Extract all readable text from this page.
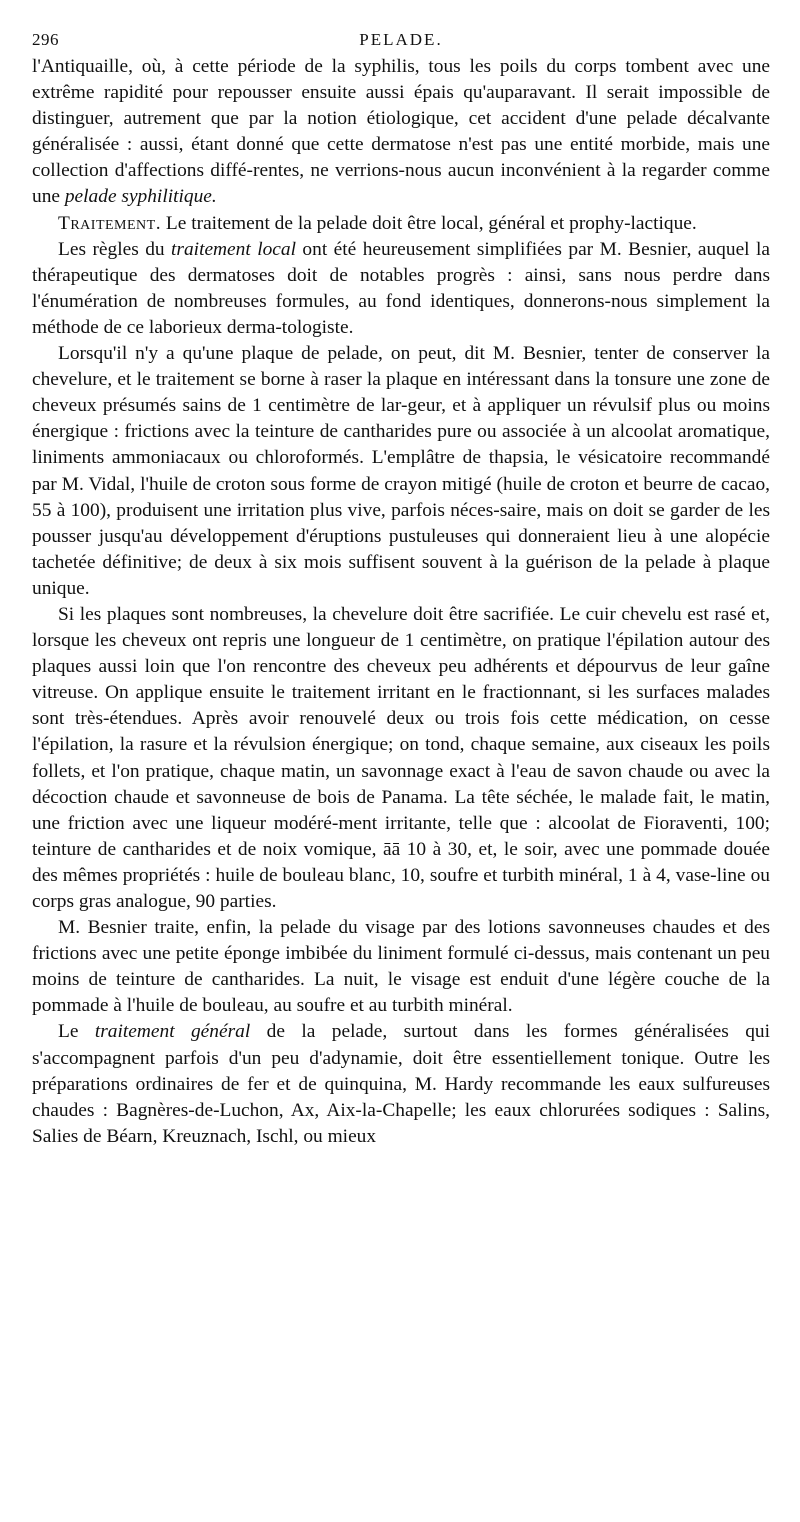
296	PELADE.

l'Antiquaille, où, à cette période de la syphilis, tous les poils du corps tombent avec une extrême rapidité pour repousser ensuite aussi épais qu'auparavant. Il serait impossible de distinguer, autrement que par la notion étiologique, cet accident d'une pelade décalvante généralisée : aussi, étant donné que cette dermatose n'est pas une entité morbide, mais une collection d'affections diffé-rentes, ne verrions-nous aucun inconvénient à la regarder comme une pelade syphilitique.

Traitement. Le traitement de la pelade doit être local, général et prophy-lactique.

Les règles du traitement local ont été heureusement simplifiées par M. Besnier, auquel la thérapeutique des dermatoses doit de notables progrès : ainsi, sans nous perdre dans l'énumération de nombreuses formules, au fond identiques, donnerons-nous simplement la méthode de ce laborieux derma-tologiste.

Lorsqu'il n'y a qu'une plaque de pelade, on peut, dit M. Besnier, tenter de conserver la chevelure, et le traitement se borne à raser la plaque en intéressant dans la tonsure une zone de cheveux présumés sains de 1 centimètre de lar-geur, et à appliquer un révulsif plus ou moins énergique : frictions avec la teinture de cantharides pure ou associée à un alcoolat aromatique, liniments ammoniacaux ou chloroformés. L'emplâtre de thapsia, le vésicatoire recommandé par M. Vidal, l'huile de croton sous forme de crayon mitigé (huile de croton et beurre de cacao, 55 à 100), produisent une irritation plus vive, parfois néces-saire, mais on doit se garder de les pousser jusqu'au développement d'éruptions pustuleuses qui donneraient lieu à une alopécie tachetée définitive; de deux à six mois suffisent souvent à la guérison de la pelade à plaque unique.

Si les plaques sont nombreuses, la chevelure doit être sacrifiée. Le cuir chevelu est rasé et, lorsque les cheveux ont repris une longueur de 1 centimètre, on pratique l'épilation autour des plaques aussi loin que l'on rencontre des cheveux peu adhérents et dépourvus de leur gaîne vitreuse. On applique ensuite le traitement irritant en le fractionnant, si les surfaces malades sont très-étendues. Après avoir renouvelé deux ou trois fois cette médication, on cesse l'épilation, la rasure et la révulsion énergique; on tond, chaque semaine, aux ciseaux les poils follets, et l'on pratique, chaque matin, un savonnage exact à l'eau de savon chaude ou avec la décoction chaude et savonneuse de bois de Panama. La tête séchée, le malade fait, le matin, une friction avec une liqueur modéré-ment irritante, telle que : alcoolat de Fioraventi, 100; teinture de cantharides et de noix vomique, āā 10 à 30, et, le soir, avec une pommade douée des mêmes propriétés : huile de bouleau blanc, 10, soufre et turbith minéral, 1 à 4, vase-line ou corps gras analogue, 90 parties.

M. Besnier traite, enfin, la pelade du visage par des lotions savonneuses chaudes et des frictions avec une petite éponge imbibée du liniment formulé ci-dessus, mais contenant un peu moins de teinture de cantharides. La nuit, le visage est enduit d'une légère couche de la pommade à l'huile de bouleau, au soufre et au turbith minéral.

Le traitement général de la pelade, surtout dans les formes généralisées qui s'accompagnent parfois d'un peu d'adynamie, doit être essentiellement tonique. Outre les préparations ordinaires de fer et de quinquina, M. Hardy recommande les eaux sulfureuses chaudes : Bagnères-de-Luchon, Ax, Aix-la-Chapelle; les eaux chlorurées sodiques : Salins, Salies de Béarn, Kreuznach, Ischl, ou mieux
